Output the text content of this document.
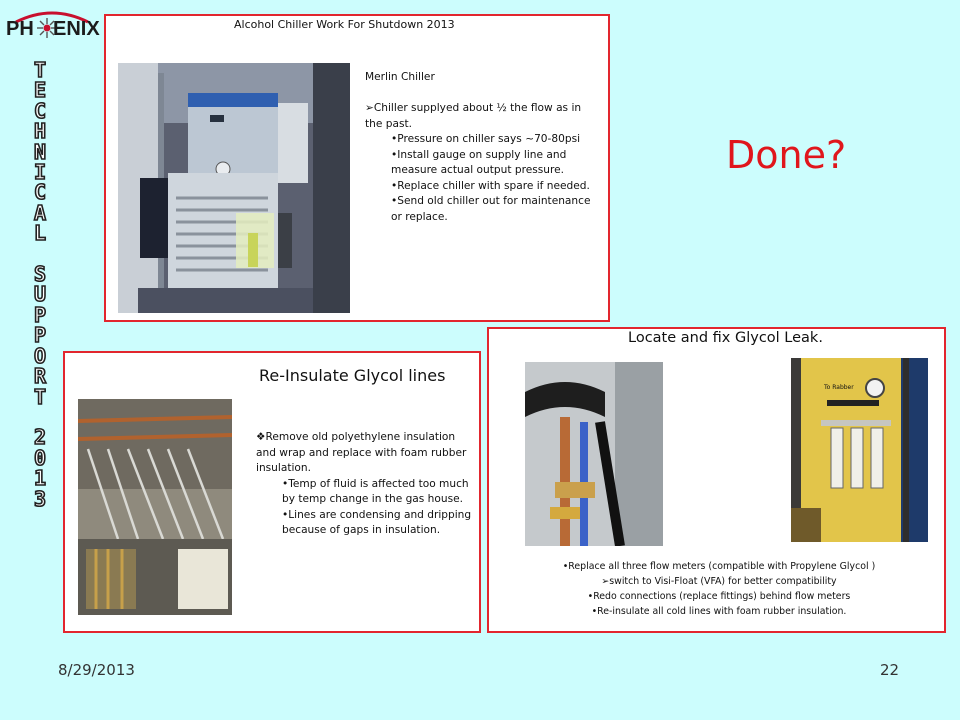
PH ENIX
T
E
C
H
N
I
C
A
L

S
U
P
P
O
R
T

2
0
1
3
Alcohol Chiller Work For Shutdown 2013

Merlin Chiller

➢Chiller supplyed about ½ the flow as in the past.

•Pressure on chiller says ~70-80psi

•Install gauge on supply line and measure actual output pressure.

•Replace chiller with spare if needed.

•Send old chiller out for maintenance or replace.

Done?
Re-Insulate Glycol lines

❖Remove old polyethylene insulation and wrap and replace with foam rubber insulation.

•Temp of fluid is affected too much by temp change in the gas house.

•Lines are condensing and dripping because of gaps in insulation.

Locate and fix Glycol Leak.
To Rabber
•Replace all three flow meters (compatible with Propylene Glycol )
➢switch to Visi-Float (VFA) for better compatibility
•Redo connections (replace fittings) behind flow meters
•Re-insulate all cold lines with foam rubber insulation.
8/29/2013	22
